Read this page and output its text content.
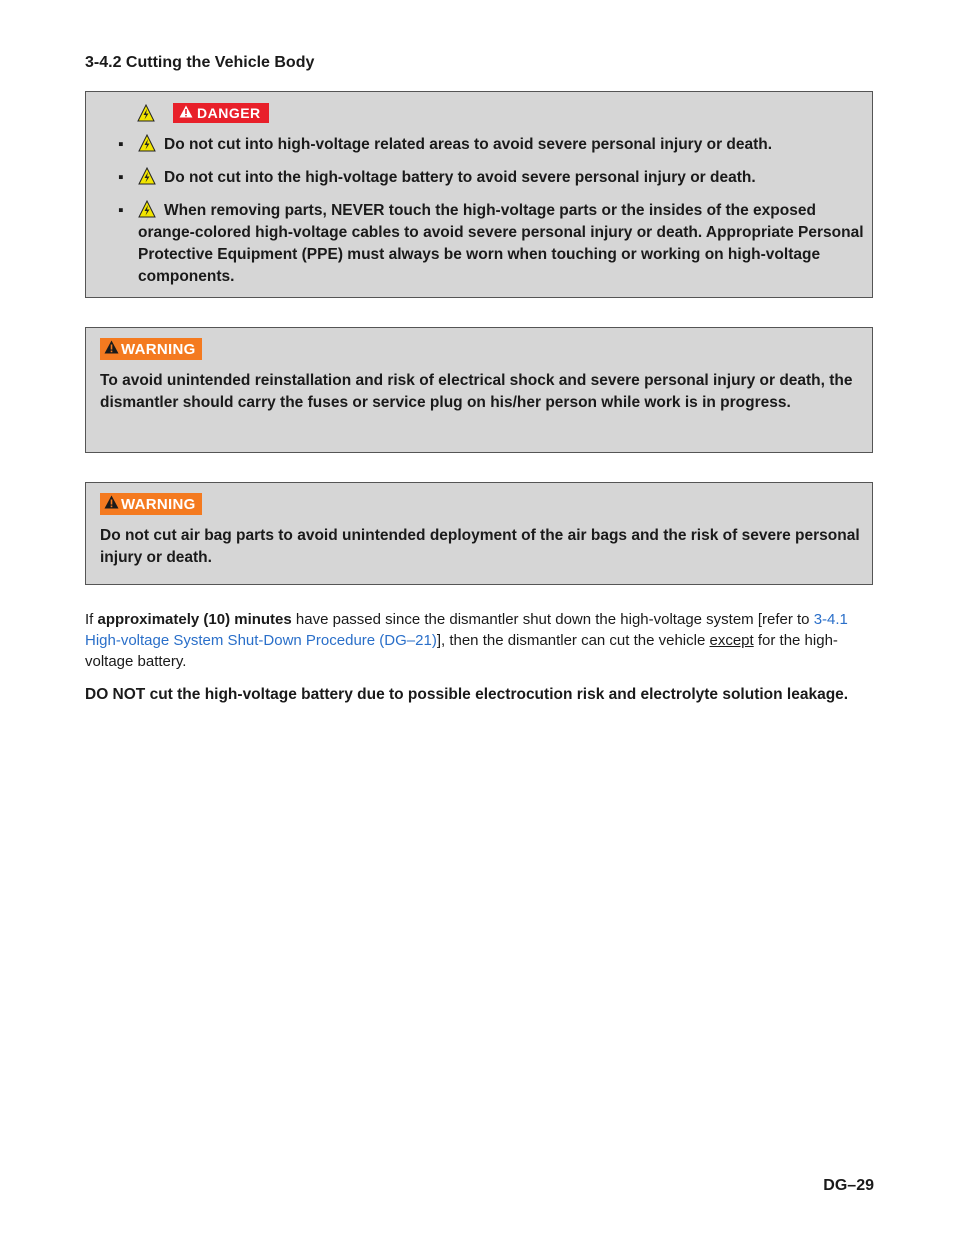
3-4.2 Cutting the Vehicle Body
DANGER
▪	Do not cut into high-voltage related areas to avoid severe personal injury or death.
▪	Do not cut into the high-voltage battery to avoid severe personal injury or death.
▪	When removing parts, NEVER touch the high-voltage parts or the insides of the exposed orange-colored high-voltage cables to avoid severe personal injury or death. Appropriate Personal Protective Equipment (PPE) must always be worn when touching or working on high-voltage components.
WARNING

To avoid unintended reinstallation and risk of electrical shock and severe personal injury or death, the dismantler should carry the fuses or service plug on his/her person while work is in progress.

WARNING

Do not cut air bag parts to avoid unintended deployment of the air bags and the risk of severe personal injury or death.

If approximately (10) minutes have passed since the dismantler shut down the high-voltage system [refer to 3-4.1 High-voltage System Shut-Down Procedure (DG–21)], then the dismantler can cut the vehicle except for the high-voltage battery.

DO NOT cut the high-voltage battery due to possible electrocution risk and electrolyte solution leakage.

DG–29
